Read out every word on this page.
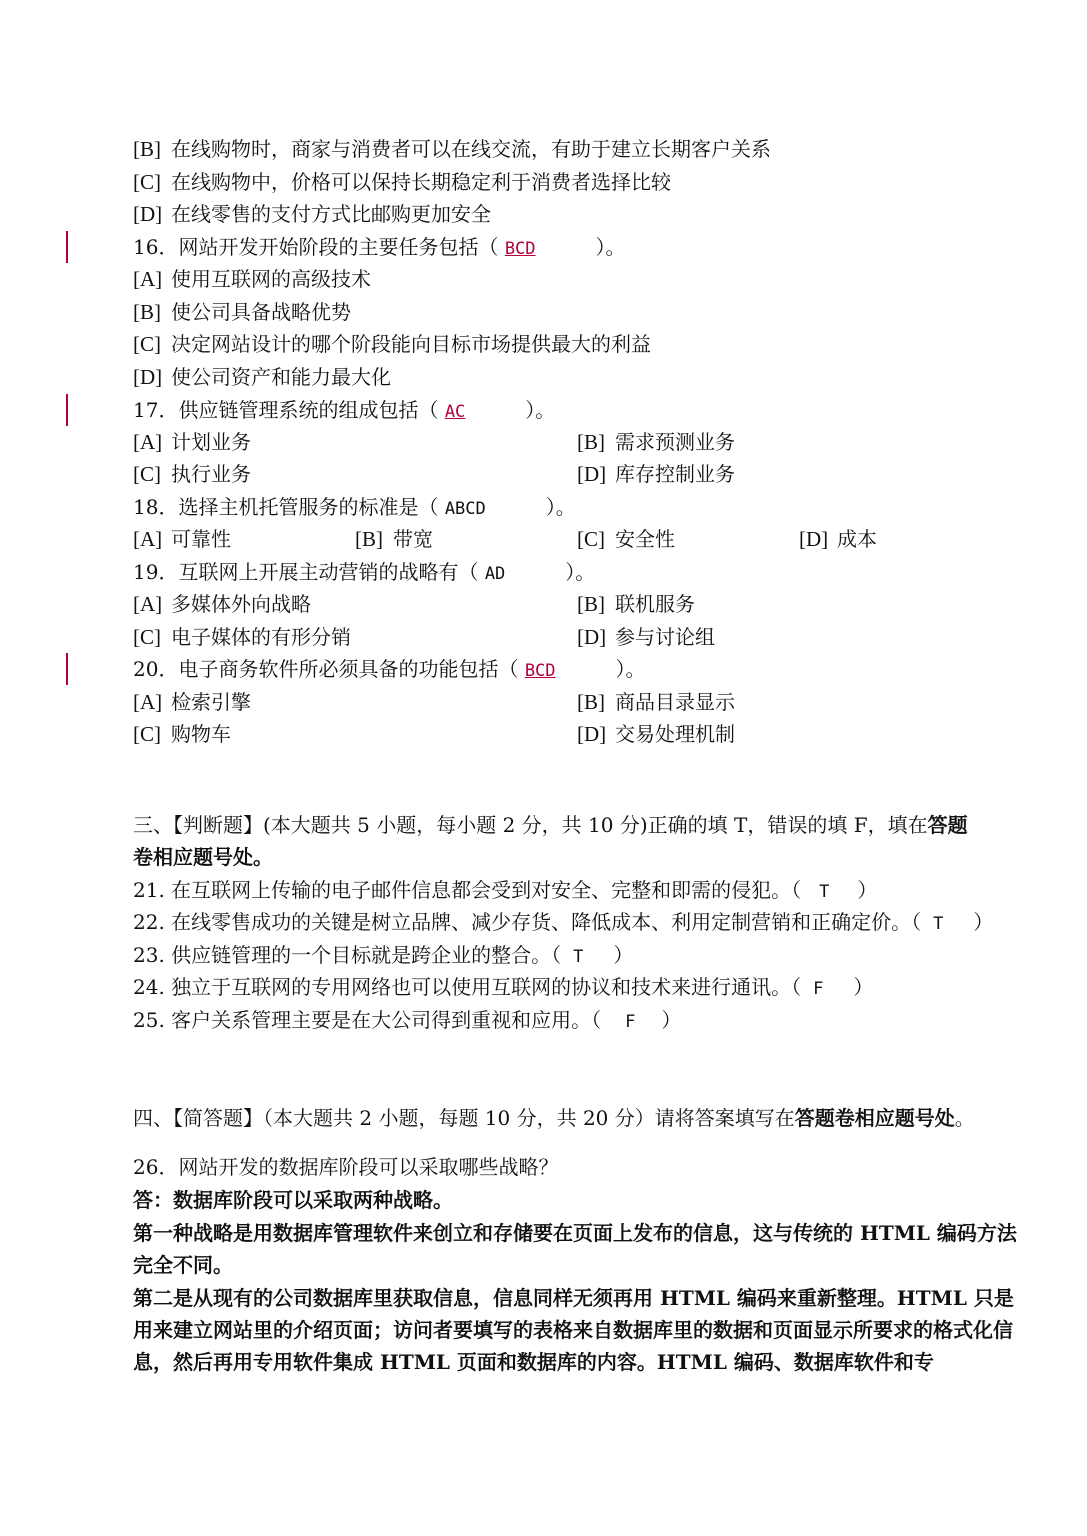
[B] 在线购物时，商家与消费者可以在线交流，有助于建立长期客户关系
[C] 在线购物中，价格可以保持长期稳定利于消费者选择比较
[D] 在线零售的支付方式比邮购更加安全
16．网站开发开始阶段的主要任务包括（ BCD	）。
[A] 使用互联网的高级技术
[B] 使公司具备战略优势
[C] 决定网站设计的哪个阶段能向目标市场提供最大的利益
[D] 使公司资产和能力最大化
17．供应链管理系统的组成包括（ AC	）。
[A] 计划业务	[B] 需求预测业务
[C] 执行业务	[D] 库存控制业务
18．选择主机托管服务的标准是（ ABCD	）。
[A] 可靠性	[B] 带宽	[C] 安全性	[D] 成本
19．互联网上开展主动营销的战略有（ AD	）。
[A] 多媒体外向战略	[B] 联机服务
[C] 电子媒体的有形分销	[D] 参与讨论组
20．电子商务软件所必须具备的功能包括（ BCD	）。
[A] 检索引擎	[B] 商品目录显示
[C] 购物车	[D] 交易处理机制
三、【判断题】(本大题共 5 小题，每小题 2 分，共 10 分)正确的填 T，错误的填 F，填在答题
卷相应题号处。
21. 在互联网上传输的电子邮件信息都会受到对安全、完整和即需的侵犯。（ T ）
22. 在线零售成功的关键是树立品牌、减少存货、降低成本、利用定制营销和正确定价。（ T ）
23. 供应链管理的一个目标就是跨企业的整合。（ T ）
24. 独立于互联网的专用网络也可以使用互联网的协议和技术来进行通讯。（ F ）
25. 客户关系管理主要是在大公司得到重视和应用。（ F ）
四、【简答题】（本大题共 2 小题，每题 10 分，共 20 分）请将答案填写在答题卷相应题号处。
26．网站开发的数据库阶段可以采取哪些战略？
答：数据库阶段可以采取两种战略。
第一种战略是用数据库管理软件来创立和存储要在页面上发布的信息，这与传统的 HTML 编码方法完全不同。
第二是从现有的公司数据库里获取信息，信息同样无须再用 HTML 编码来重新整理。HTML 只是用来建立网站里的介绍页面；访问者要填写的表格来自数据库里的数据和页面显示所要求的格式化信息，然后再用专用软件集成 HTML 页面和数据库的内容。HTML 编码、数据库软件和专
